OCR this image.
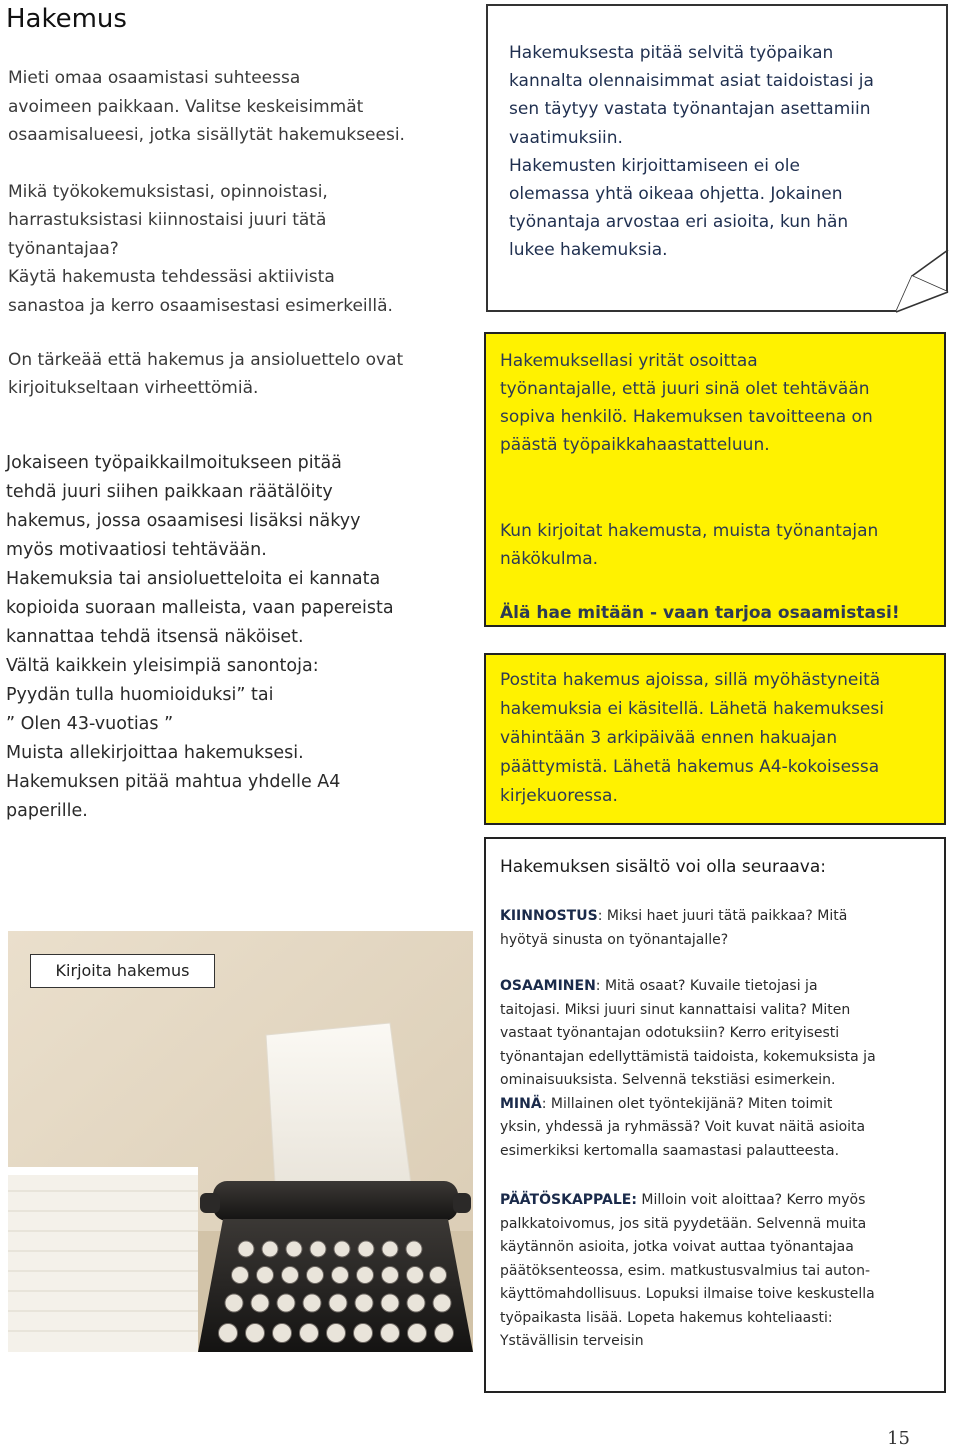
Hakemus
Mieti omaa osaamistasi suhteessa
avoimeen paikkaan. Valitse keskeisimmät
osaamisalueesi, jotka sisällytät hakemukseesi.
Mikä työkokemuksistasi, opinnoistasi,
harrastuksistasi kiinnostaisi juuri tätä
työnantajaa?
Käytä hakemusta tehdessäsi aktiivista
sanastoa ja kerro osaamisestasi esimerkeillä.
On tärkeää että hakemus ja ansioluettelo ovat
kirjoitukseltaan virheettömiä.
Jokaiseen työpaikkailmoitukseen pitää
tehdä juuri siihen paikkaan räätälöity
hakemus, jossa osaamisesi lisäksi näkyy
myös motivaatiosi tehtävään.
Hakemuksia tai ansioluetteloita ei kannata
kopioida suoraan malleista, vaan papereista
kannattaa tehdä itsensä näköiset.
Vältä kaikkein yleisimpiä sanontoja:
Pyydän tulla huomioiduksi” tai
” Olen 43-vuotias ”
Muista allekirjoittaa hakemuksesi.
Hakemuksen pitää mahtua yhdelle A4
paperille.
Hakemuksesta pitää selvitä työpaikan
kannalta olennaisimmat asiat taidoistasi ja
sen täytyy vastata työnantajan asettamiin
vaatimuksiin.
Hakemusten kirjoittamiseen ei ole
olemassa yhtä oikeaa ohjetta. Jokainen
työnantaja arvostaa eri asioita, kun hän
lukee hakemuksia.
Hakemuksellasi yrität osoittaa
työnantajalle, että juuri sinä olet tehtävään
sopiva henkilö. Hakemuksen tavoitteena on
päästä työpaikkahaastatteluun.
Kun kirjoitat hakemusta, muista työnantajan
näkökulma.
Älä hae mitään - vaan tarjoa osaamistasi!
Postita hakemus ajoissa, sillä myöhästyneitä
hakemuksia ei käsitellä. Lähetä hakemuksesi
vähintään 3 arkipäivää ennen hakuajan
päättymistä. Lähetä hakemus A4-kokoisessa
kirjekuoressa.
Hakemuksen sisältö voi olla seuraava:
KIINNOSTUS: Miksi haet juuri tätä paikkaa? Mitä
hyötyä sinusta on työnantajalle?
OSAAMINEN: Mitä osaat? Kuvaile tietojasi ja
taitojasi. Miksi juuri sinut kannattaisi valita? Miten
vastaat työnantajan odotuksiin? Kerro erityisesti
työnantajan edellyttämistä taidoista, kokemuksista ja
ominaisuuksista. Selvennä tekstiäsi esimerkein.
MINÄ: Millainen olet työntekijänä? Miten toimit
yksin, yhdessä ja ryhmässä? Voit kuvat näitä asioita
esimerkiksi kertomalla saamastasi palautteesta.
PÄÄTÖSKAPPALE: Milloin voit aloittaa? Kerro myös
palkkatoivomus, jos sitä pyydetään. Selvennä muita
käytännön asioita, jotka voivat auttaa työnantajaa
päätöksenteossa, esim. matkustusvalmius tai auton-
käyttömahdollisuus. Lopuksi ilmaise toive keskustella
työpaikasta lisää. Lopeta hakemus kohteliaasti:
Ystävällisin terveisin
Kirjoita hakemus
15
